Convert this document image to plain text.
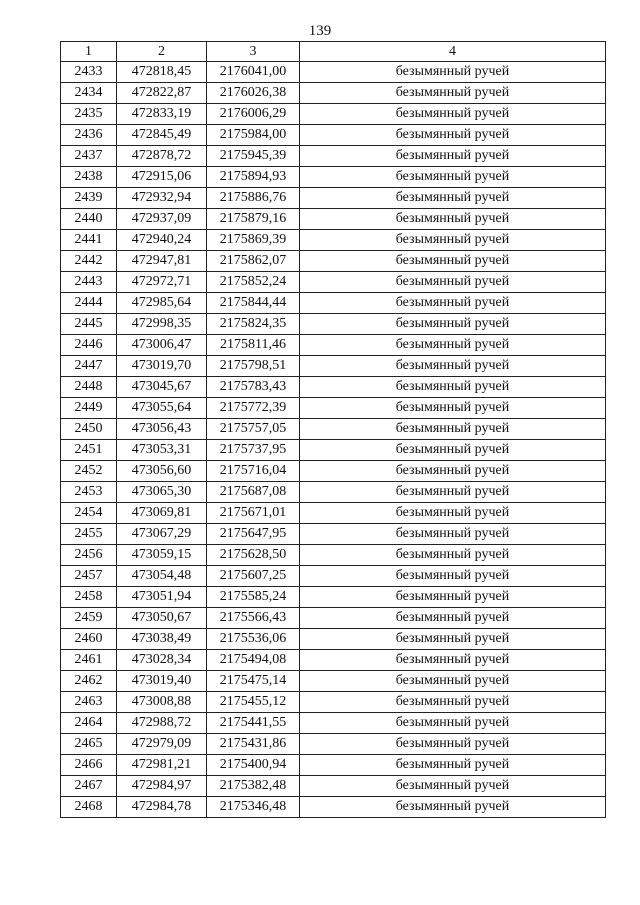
139
1	2	3	4
2433	472818,45	2176041,00	безымянный ручей
2434	472822,87	2176026,38	безымянный ручей
2435	472833,19	2176006,29	безымянный ручей
2436	472845,49	2175984,00	безымянный ручей
2437	472878,72	2175945,39	безымянный ручей
2438	472915,06	2175894,93	безымянный ручей
2439	472932,94	2175886,76	безымянный ручей
2440	472937,09	2175879,16	безымянный ручей
2441	472940,24	2175869,39	безымянный ручей
2442	472947,81	2175862,07	безымянный ручей
2443	472972,71	2175852,24	безымянный ручей
2444	472985,64	2175844,44	безымянный ручей
2445	472998,35	2175824,35	безымянный ручей
2446	473006,47	2175811,46	безымянный ручей
2447	473019,70	2175798,51	безымянный ручей
2448	473045,67	2175783,43	безымянный ручей
2449	473055,64	2175772,39	безымянный ручей
2450	473056,43	2175757,05	безымянный ручей
2451	473053,31	2175737,95	безымянный ручей
2452	473056,60	2175716,04	безымянный ручей
2453	473065,30	2175687,08	безымянный ручей
2454	473069,81	2175671,01	безымянный ручей
2455	473067,29	2175647,95	безымянный ручей
2456	473059,15	2175628,50	безымянный ручей
2457	473054,48	2175607,25	безымянный ручей
2458	473051,94	2175585,24	безымянный ручей
2459	473050,67	2175566,43	безымянный ручей
2460	473038,49	2175536,06	безымянный ручей
2461	473028,34	2175494,08	безымянный ручей
2462	473019,40	2175475,14	безымянный ручей
2463	473008,88	2175455,12	безымянный ручей
2464	472988,72	2175441,55	безымянный ручей
2465	472979,09	2175431,86	безымянный ручей
2466	472981,21	2175400,94	безымянный ручей
2467	472984,97	2175382,48	безымянный ручей
2468	472984,78	2175346,48	безымянный ручей
